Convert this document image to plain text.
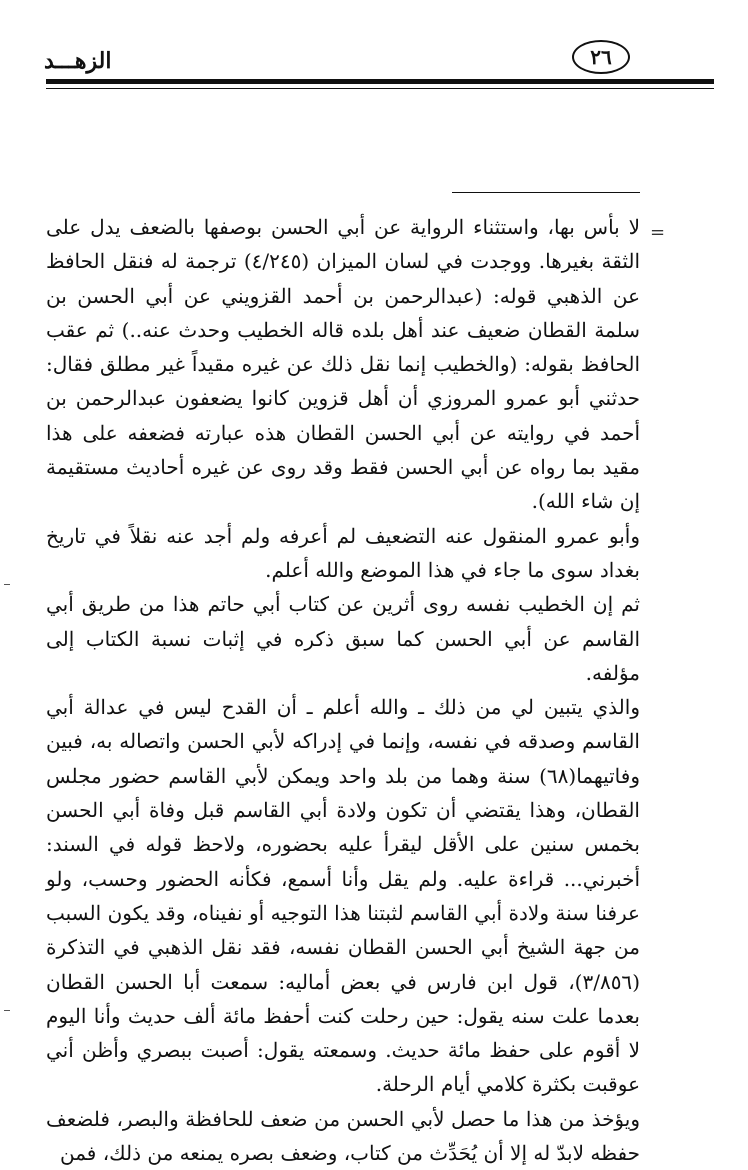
الزهـــد	٢٦
=

لا بأس بها، واستثناء الرواية عن أبي الحسن بوصفها بالضعف يدل على الثقة بغيرها. ووجدت في لسان الميزان (٤/٢٤٥) ترجمة له فنقل الحافظ عن الذهبي قوله: (عبدالرحمن بن أحمد القزويني عن أبي الحسن بن سلمة القطان ضعيف عند أهل بلده قاله الخطيب وحدث عنه..) ثم عقب الحافظ بقوله: (والخطيب إنما نقل ذلك عن غيره مقيداً غير مطلق فقال: حدثني أبو عمرو المروزي أن أهل قزوين كانوا يضعفون عبدالرحمن بن أحمد في روايته عن أبي الحسن القطان هذه عبارته فضعفه على هذا مقيد بما رواه عن أبي الحسن فقط وقد روى عن غيره أحاديث مستقيمة إن شاء الله).

وأبو عمرو المنقول عنه التضعيف لم أعرفه ولم أجد عنه نقلاً في تاريخ بغداد سوى ما جاء في هذا الموضع والله أعلم.

ثم إن الخطيب نفسه روى أثرين عن كتاب أبي حاتم هذا من طريق أبي القاسم عن أبي الحسن كما سبق ذكره في إثبات نسبة الكتاب إلى مؤلفه.

والذي يتبين لي من ذلك ـ والله أعلم ـ أن القدح ليس في عدالة أبي القاسم وصدقه في نفسه، وإنما في إدراكه لأبي الحسن واتصاله به، فبين وفاتيهما(٦٨) سنة وهما من بلد واحد ويمكن لأبي القاسم حضور مجلس القطان، وهذا يقتضي أن تكون ولادة أبي القاسم قبل وفاة أبي الحسن بخمس سنين على الأقل ليقرأ عليه بحضوره، ولاحظ قوله في السند: أخبرني... قراءة عليه. ولم يقل وأنا أسمع، فكأنه الحضور وحسب، ولو عرفنا سنة ولادة أبي القاسم لثبتنا هذا التوجيه أو نفيناه، وقد يكون السبب من جهة الشيخ أبي الحسن القطان نفسه، فقد نقل الذهبي في التذكرة (٣/٨٥٦)، قول ابن فارس في بعض أماليه: سمعت أبا الحسن القطان بعدما علت سنه يقول: حين رحلت كنت أحفظ مائة ألف حديث وأنا اليوم لا أقوم على حفظ مائة حديث. وسمعته يقول: أصبت ببصري وأظن أني عوقبت بكثرة كلامي أيام الرحلة.

ويؤخذ من هذا ما حصل لأبي الحسن من ضعف للحافظة والبصر، فلضعف حفظه لابدّ له إلا أن يُحَدِّث من كتاب، وضعف بصره يمنعه من ذلك، فمن
